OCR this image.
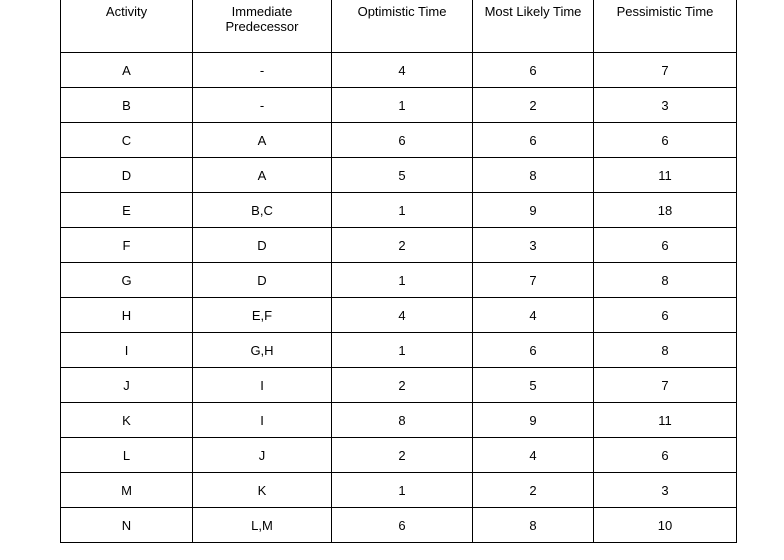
Activity	Immediate Predecessor	Optimistic Time	Most Likely Time	Pessimistic Time
A	-	4	6	7
B	-	1	2	3
C	A	6	6	6
D	A	5	8	11
E	B,C	1	9	18
F	D	2	3	6
G	D	1	7	8
H	E,F	4	4	6
I	G,H	1	6	8
J	I	2	5	7
K	I	8	9	11
L	J	2	4	6
M	K	1	2	3
N	L,M	6	8	10
